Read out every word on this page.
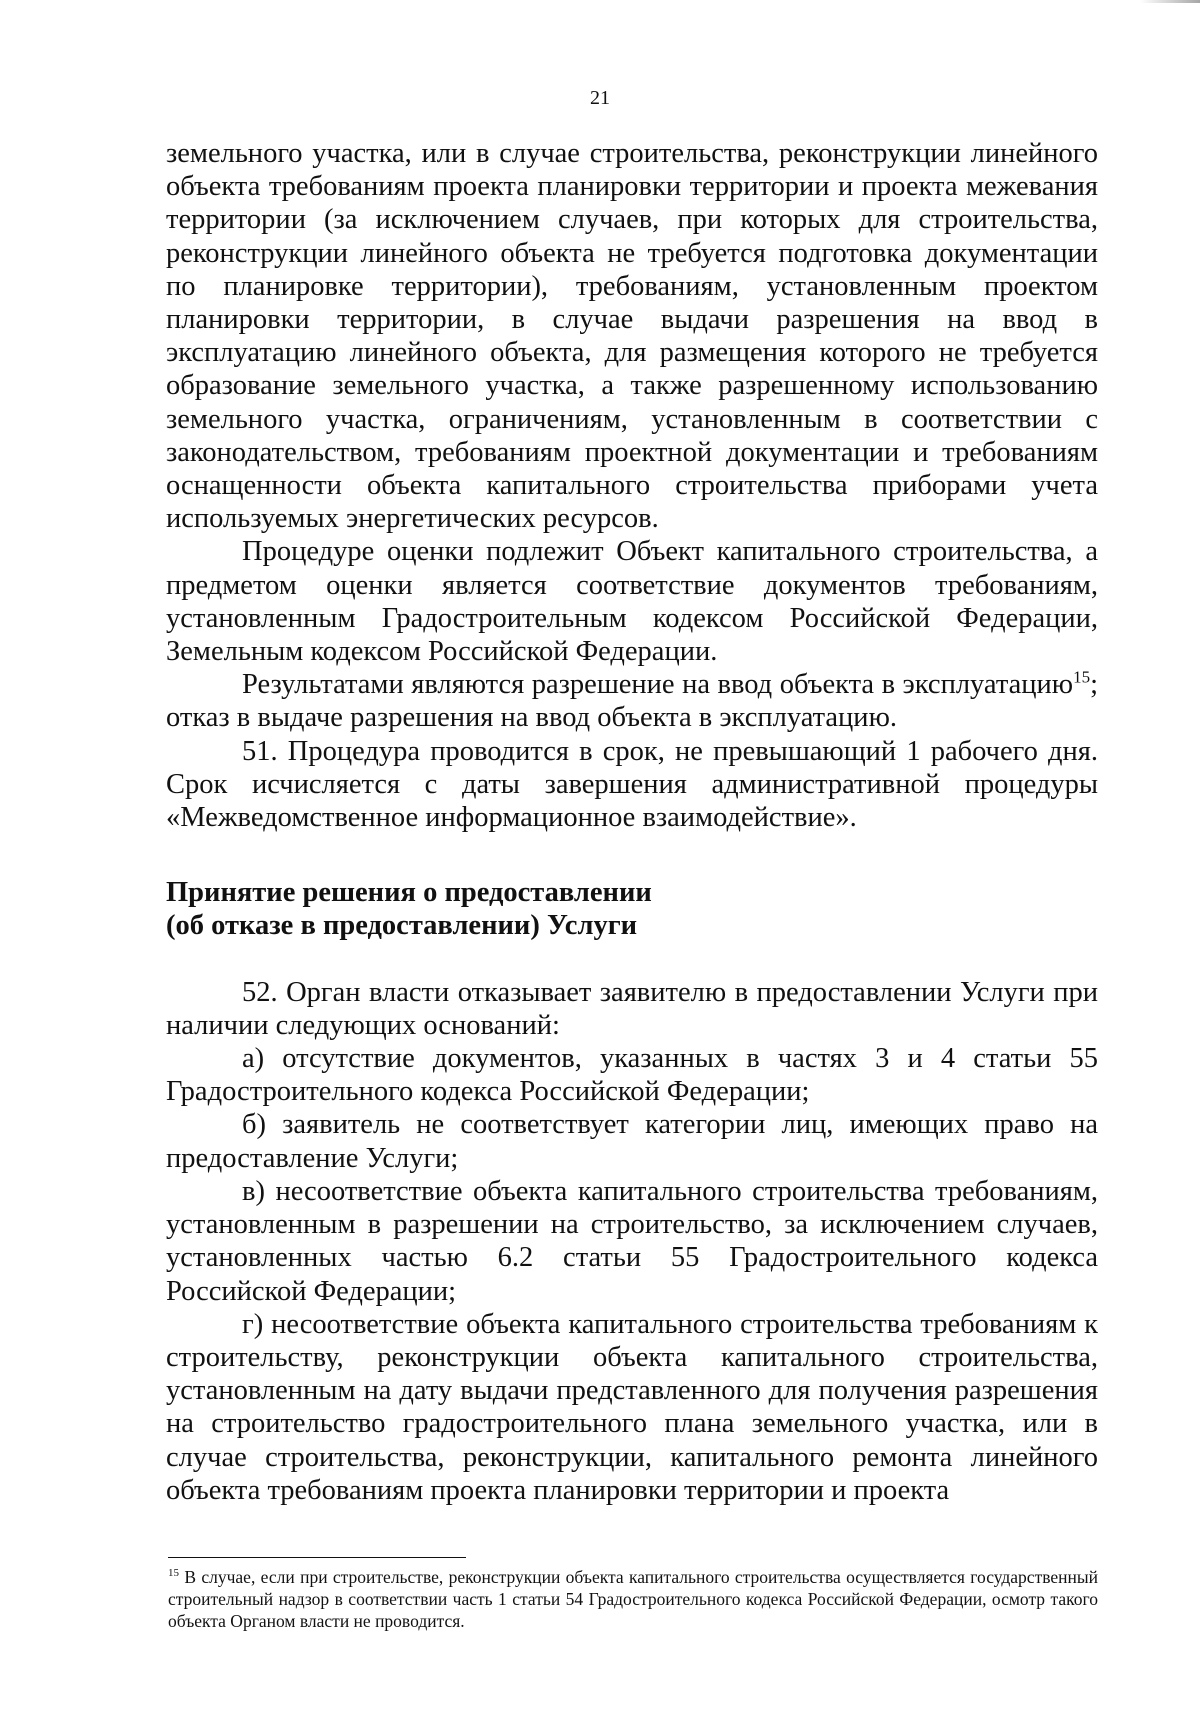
21

земельного участка, или в случае строительства, реконструкции линейного объекта требованиям проекта планировки территории и проекта межевания территории (за исключением случаев, при которых для строительства, реконструкции линейного объекта не требуется подготовка документации по планировке территории), требованиям, установленным проектом планировки территории, в случае выдачи разрешения на ввод в эксплуатацию линейного объекта, для размещения которого не требуется образование земельного участка, а также разрешенному использованию земельного участка, ограничениям, установленным в соответствии с законодательством, требованиям проектной документации и требованиям оснащенности объекта капитального строительства приборами учета используемых энергетических ресурсов.

Процедуре оценки подлежит Объект капитального строительства, а предметом оценки является соответствие документов требованиям, установленным Градостроительным кодексом Российской Федерации, Земельным кодексом Российской Федерации.

Результатами являются разрешение на ввод объекта в эксплуатацию$^{15}$; отказ в выдаче разрешения на ввод объекта в эксплуатацию.

51. Процедура проводится в срок, не превышающий 1 рабочего дня. Срок исчисляется с даты завершения административной процедуры «Межведомственное информационное взаимодействие».

Принятие решения о предоставлении

(об отказе в предоставлении) Услуги

52. Орган власти отказывает заявителю в предоставлении Услуги при наличии следующих оснований:

а) отсутствие документов, указанных в частях 3 и 4 статьи 55 Градостроительного кодекса Российской Федерации;

б) заявитель не соответствует категории лиц, имеющих право на предоставление Услуги;

в) несоответствие объекта капитального строительства требованиям, установленным в разрешении на строительство, за исключением случаев, установленных частью 6.2 статьи 55 Градостроительного кодекса Российской Федерации;

г) несоответствие объекта капитального строительства требованиям к строительству, реконструкции объекта капитального строительства, установленным на дату выдачи представленного для получения разрешения на строительство градостроительного плана земельного участка, или в случае строительства, реконструкции, капитального ремонта линейного объекта требованиям проекта планировки территории и проекта

$^{15}$ В случае, если при строительстве, реконструкции объекта капитального строительства осуществляется государственный строительный надзор в соответствии часть 1 статьи 54 Градостроительного кодекса Российской Федерации, осмотр такого объекта Органом власти не проводится.
